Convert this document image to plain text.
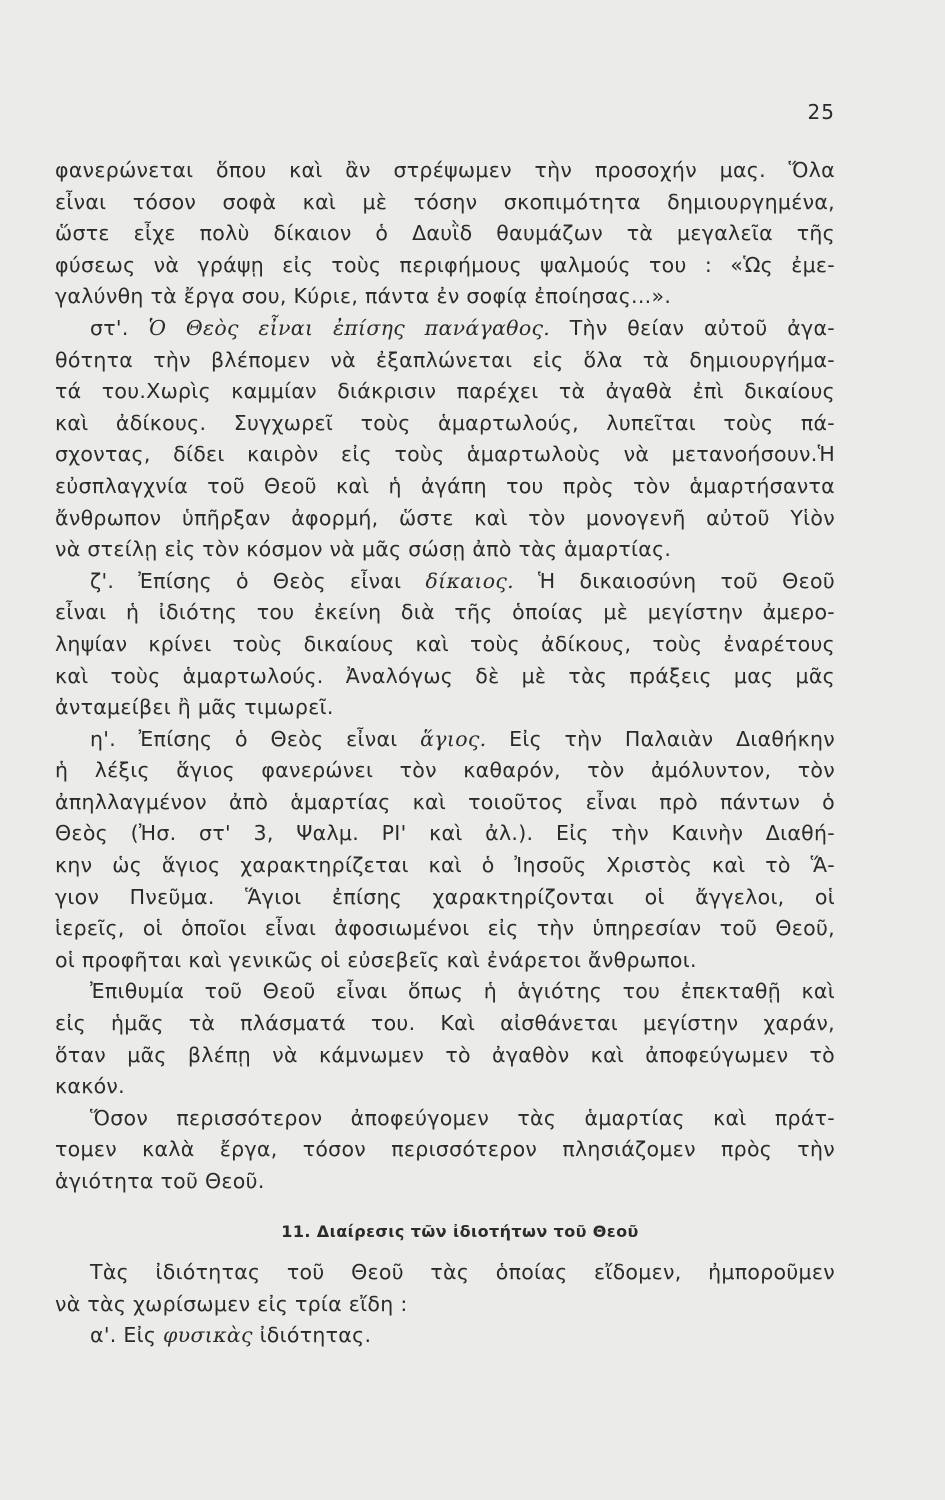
25
φανερώνεται ὅπου καὶ ἂν στρέψωμεν τὴν προσοχήν μας. Ὅλα
εἶναι τόσον σοφὰ καὶ μὲ τόσην σκοπιμότητα δημιουργημένα,
ὥστε εἶχε πολὺ δίκαιον ὁ Δαυῒδ θαυμάζων τὰ μεγαλεῖα τῆς
φύσεως νὰ γράψῃ εἰς τοὺς περιφήμους ψαλμούς του : «Ὡς ἐμε-
γαλύνθη τὰ ἔργα σου, Κύριε, πάντα ἐν σοφίᾳ ἐποίησας...».
στ'. Ὁ Θεὸς εἶναι ἐπίσης πανάγαθος. Τὴν θείαν αὐτοῦ ἀγα-
θότητα τὴν βλέπομεν νὰ ἐξαπλώνεται εἰς ὅλα τὰ δημιουργήμα-
τά του.Χωρὶς καμμίαν διάκρισιν παρέχει τὰ ἀγαθὰ ἐπὶ δικαίους
καὶ ἀδίκους. Συγχωρεῖ τοὺς ἁμαρτωλούς, λυπεῖται τοὺς πά-
σχοντας, δίδει καιρὸν εἰς τοὺς ἁμαρτωλοὺς νὰ μετανοήσουν.Ἡ
εὐσπλαγχνία τοῦ Θεοῦ καὶ ἡ ἀγάπη του πρὸς τὸν ἁμαρτήσαντα
ἄνθρωπον ὑπῆρξαν ἀφορμή, ὥστε καὶ τὸν μονογενῆ αὐτοῦ Υἱὸν
νὰ στείλῃ εἰς τὸν κόσμον νὰ μᾶς σώσῃ ἀπὸ τὰς ἁμαρτίας.
ζ'. Ἐπίσης ὁ Θεὸς εἶναι δίκαιος. Ἡ δικαιοσύνη τοῦ Θεοῦ
εἶναι ἡ ἰδιότης του ἐκείνη διὰ τῆς ὁποίας μὲ μεγίστην ἀμερο-
ληψίαν κρίνει τοὺς δικαίους καὶ τοὺς ἀδίκους, τοὺς ἐναρέτους
καὶ τοὺς ἁμαρτωλούς. Ἀναλόγως δὲ μὲ τὰς πράξεις μας μᾶς
ἀνταμείβει ἢ μᾶς τιμωρεῖ.
η'. Ἐπίσης ὁ Θεὸς εἶναι ἅγιος. Εἰς τὴν Παλαιὰν Διαθήκην
ἡ λέξις ἅγιος φανερώνει τὸν καθαρόν, τὸν ἀμόλυντον, τὸν
ἀπηλλαγμένον ἀπὸ ἁμαρτίας καὶ τοιοῦτος εἶναι πρὸ πάντων ὁ
Θεὸς (Ἠσ. στ' 3, Ψαλμ. ΡΙ' καὶ ἀλ.). Εἰς τὴν Καινὴν Διαθή-
κην ὡς ἅγιος χαρακτηρίζεται καὶ ὁ Ἰησοῦς Χριστὸς καὶ τὸ Ἅ-
γιον Πνεῦμα. Ἅγιοι ἐπίσης χαρακτηρίζονται οἱ ἄγγελοι, οἱ
ἱερεῖς, οἱ ὁποῖοι εἶναι ἀφοσιωμένοι εἰς τὴν ὑπηρεσίαν τοῦ Θεοῦ,
οἱ προφῆται καὶ γενικῶς οἱ εὐσεβεῖς καὶ ἐνάρετοι ἄνθρωποι.
Ἐπιθυμία τοῦ Θεοῦ εἶναι ὅπως ἡ ἁγιότης του ἐπεκταθῇ καὶ
εἰς ἡμᾶς τὰ πλάσματά του. Καὶ αἰσθάνεται μεγίστην χαράν,
ὅταν μᾶς βλέπῃ νὰ κάμνωμεν τὸ ἀγαθὸν καὶ ἀποφεύγωμεν τὸ
κακόν.
Ὅσον περισσότερον ἀποφεύγομεν τὰς ἁμαρτίας καὶ πράτ-
τομεν καλὰ ἔργα, τόσον περισσότερον πλησιάζομεν πρὸς τὴν
ἁγιότητα τοῦ Θεοῦ.
11. Διαίρεσις τῶν ἰδιοτήτων τοῦ Θεοῦ
Τὰς ἰδιότητας τοῦ Θεοῦ τὰς ὁποίας εἴδομεν, ἠμποροῦμεν
νὰ τὰς χωρίσωμεν εἰς τρία εἴδη :
α'. Εἰς φυσικὰς ἰδιότητας.
